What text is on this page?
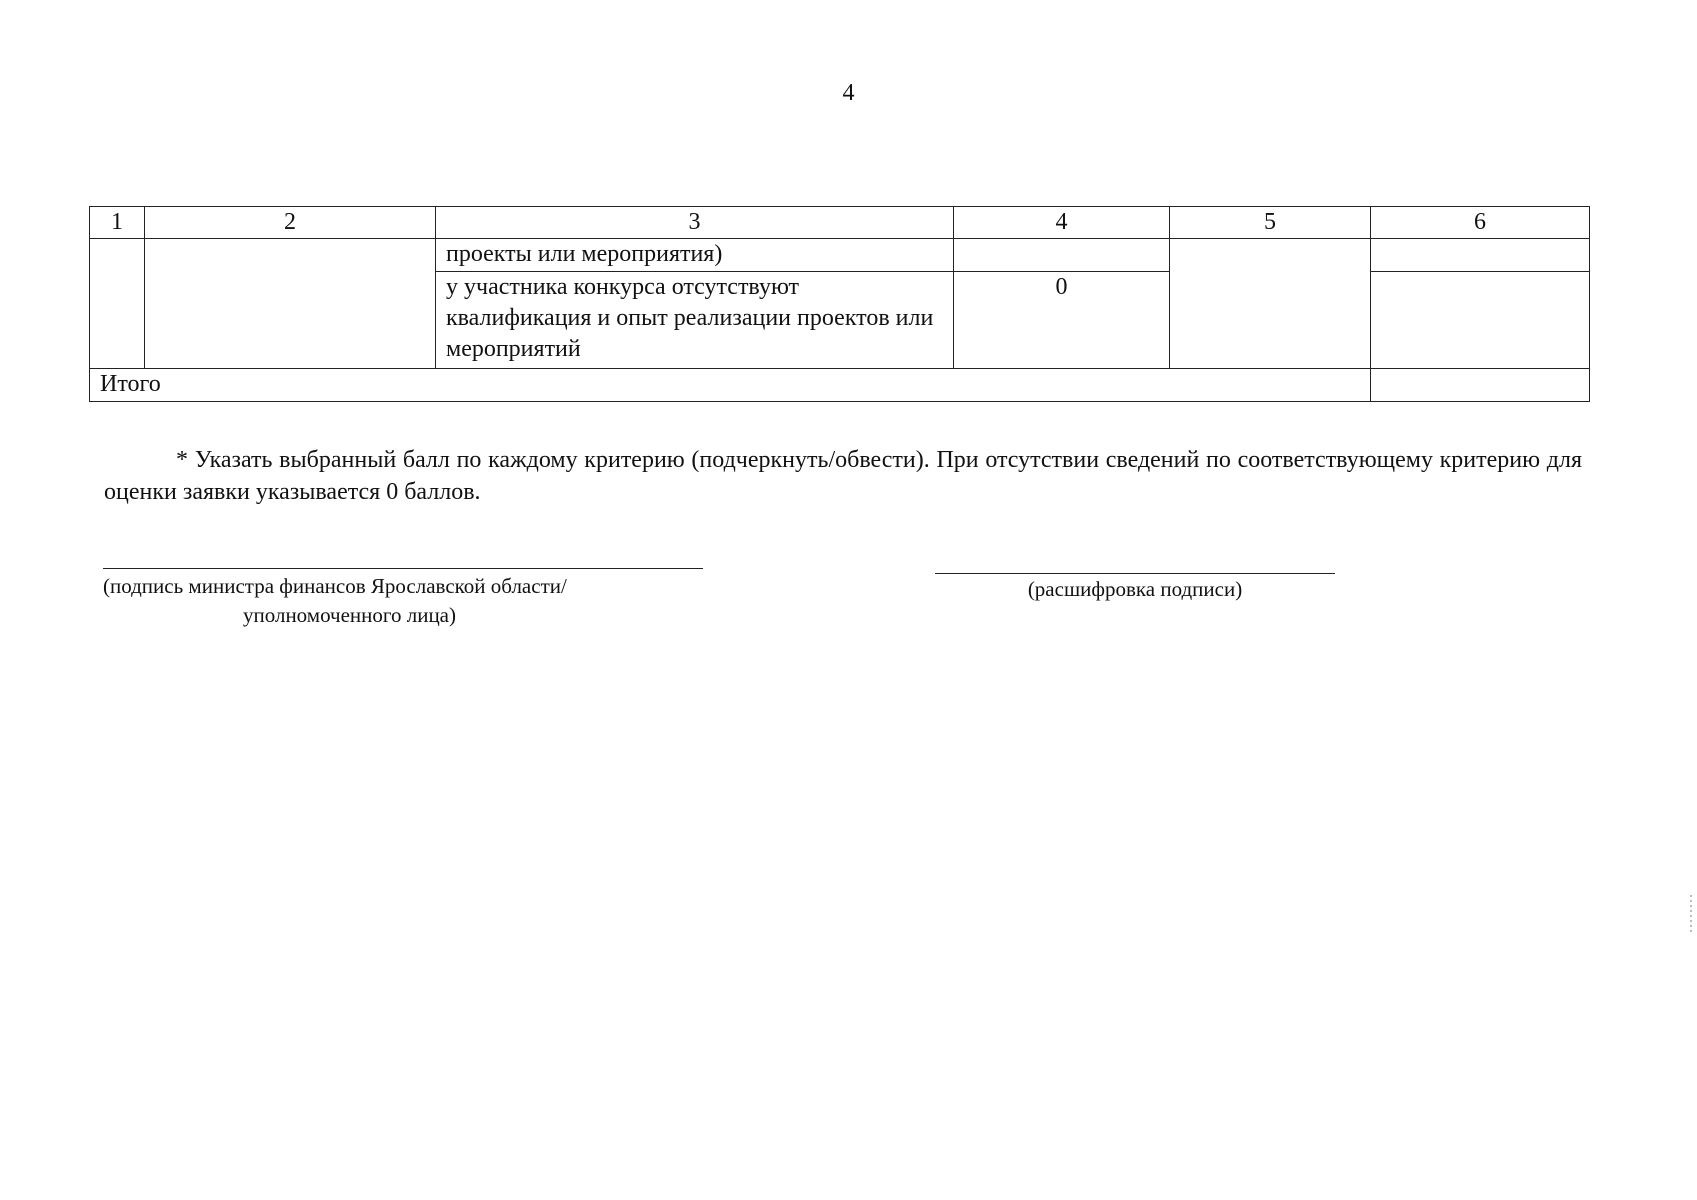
4
1	2	3	4	5	6
		проекты или мероприятия)			
		у участника конкурса отсутствуют квалификация и опыт реализации проектов или мероприятий	0		
Итого					
* Указать выбранный балл по каждому критерию (подчеркнуть/обвести). При отсутствии сведений по соответствующему критерию для оценки заявки указывается 0 баллов.
(подпись министра финансов Ярославской области/
уполномоченного лица)
(расшифровка подписи)
